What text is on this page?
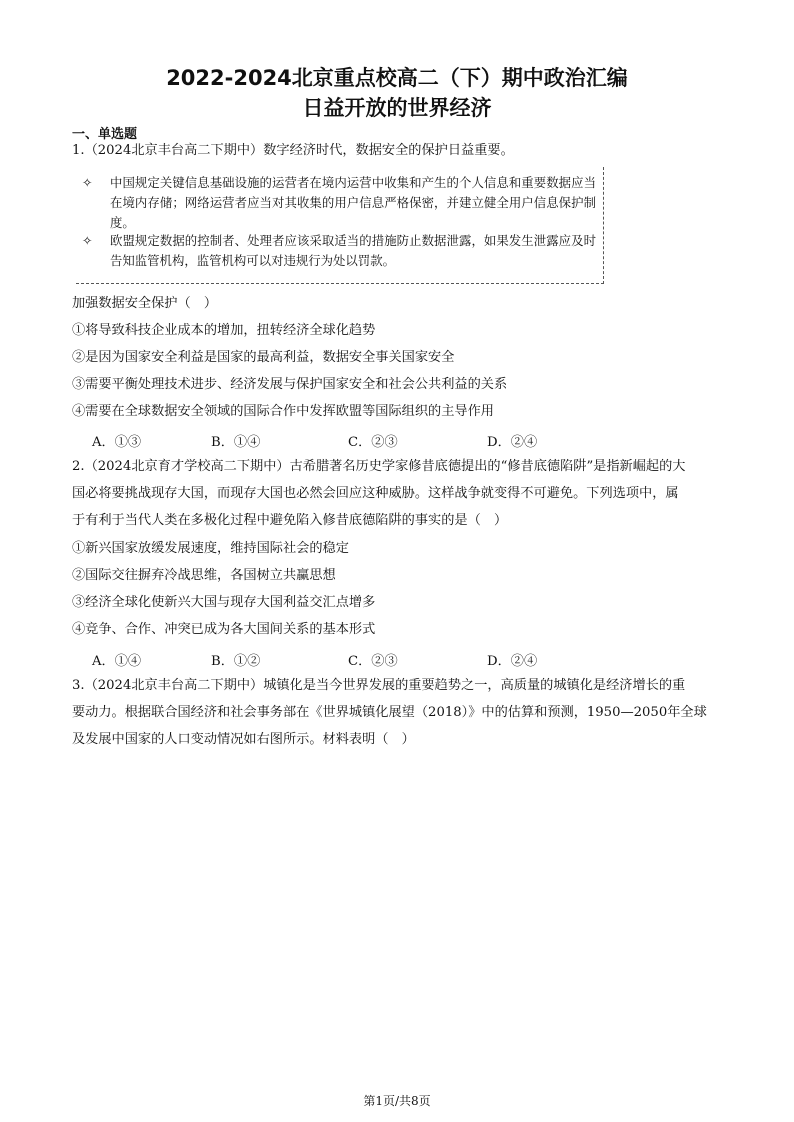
2022-2024北京重点校高二（下）期中政治汇编
日益开放的世界经济
一、单选题
1.（2024北京丰台高二下期中）数字经济时代，数据安全的保护日益重要。
✧	中国规定关键信息基础设施的运营者在境内运营中收集和产生的个人信息和重要数据应当在境内存储；网络运营者应当对其收集的用户信息严格保密，并建立健全用户信息保护制度。
✧	欧盟规定数据的控制者、处理者应该采取适当的措施防止数据泄露，如果发生泄露应及时告知监管机构，监管机构可以对违规行为处以罚款。
加强数据安全保护（　）
①将导致科技企业成本的增加，扭转经济全球化趋势
②是因为国家安全利益是国家的最高利益，数据安全事关国家安全
③需要平衡处理技术进步、经济发展与保护国家安全和社会公共利益的关系
④需要在全球数据安全领域的国际合作中发挥欧盟等国际组织的主导作用
A．①③	B．①④	C．②③	D．②④
2.（2024北京育才学校高二下期中）古希腊著名历史学家修昔底德提出的“修昔底德陷阱”是指新崛起的大
国必将要挑战现存大国，而现存大国也必然会回应这种威胁。这样战争就变得不可避免。下列选项中，属
于有利于当代人类在多极化过程中避免陷入修昔底德陷阱的事实的是（　）
①新兴国家放缓发展速度，维持国际社会的稳定
②国际交往摒弃冷战思维，各国树立共赢思想
③经济全球化使新兴大国与现存大国利益交汇点增多
④竞争、合作、冲突已成为各大国间关系的基本形式
A．①④	B．①②	C．②③	D．②④
3.（2024北京丰台高二下期中）城镇化是当今世界发展的重要趋势之一，高质量的城镇化是经济增长的重
要动力。根据联合国经济和社会事务部在《世界城镇化展望（2018）》中的估算和预测，1950—2050年全球
及发展中国家的人口变动情况如右图所示。材料表明（　）
第1页/共8页
